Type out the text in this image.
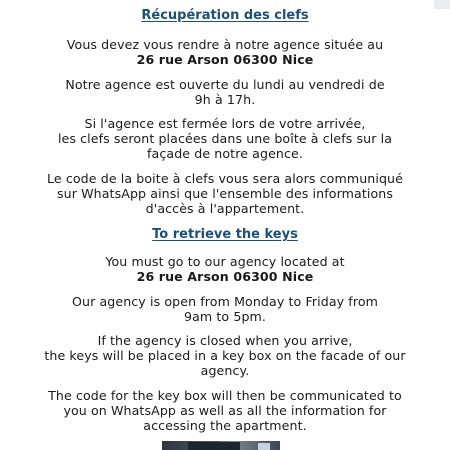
Récupération des clefs
Vous devez vous rendre à notre agence située au
26 rue Arson 06300 Nice
Notre agence est ouverte du lundi au vendredi de
9h à 17h.
Si l'agence est fermée lors de votre arrivée,
les clefs seront placées dans une boîte à clefs sur la
façade de notre agence.
Le code de la boite à clefs vous sera alors communiqué
sur WhatsApp ainsi que l'ensemble des informations
d'accès à l'appartement.
To retrieve the keys
You must go to our agency located at
26 rue Arson 06300 Nice
Our agency is open from Monday to Friday from
9am to 5pm.
If the agency is closed when you arrive,
the keys will be placed in a key box on the facade of our
agency.
The code for the key box will then be communicated to
you on WhatsApp as well as all the information for
accessing the apartment.
